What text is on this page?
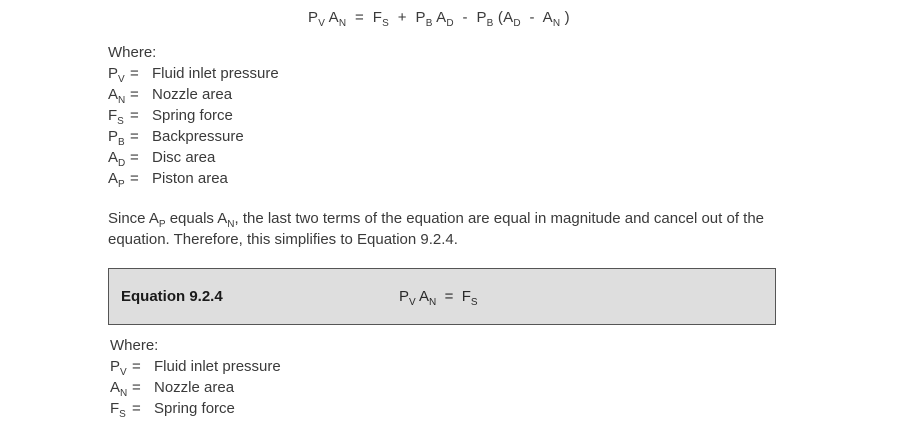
$P_V$ $A_N = F_S + P_B$ $A_D - P_B$ ($A_D - A_N$ )
Where:
$P_V$ = Fluid inlet pressure
$A_N$ = Nozzle area
$F_S$ = Spring force
$P_B$ = Backpressure
$A_D$ = Disc area
$A_P$ = Piston area
Since $A_P$ equals $A_N$, the last two terms of the equation are equal in magnitude and cancel out of the equation. Therefore, this simplifies to Equation 9.2.4.
Equation 9.2.4	$P_V$ $A_N = F_S$
Where:
$P_V$ = Fluid inlet pressure
$A_N$ = Nozzle area
$F_S$ = Spring force
